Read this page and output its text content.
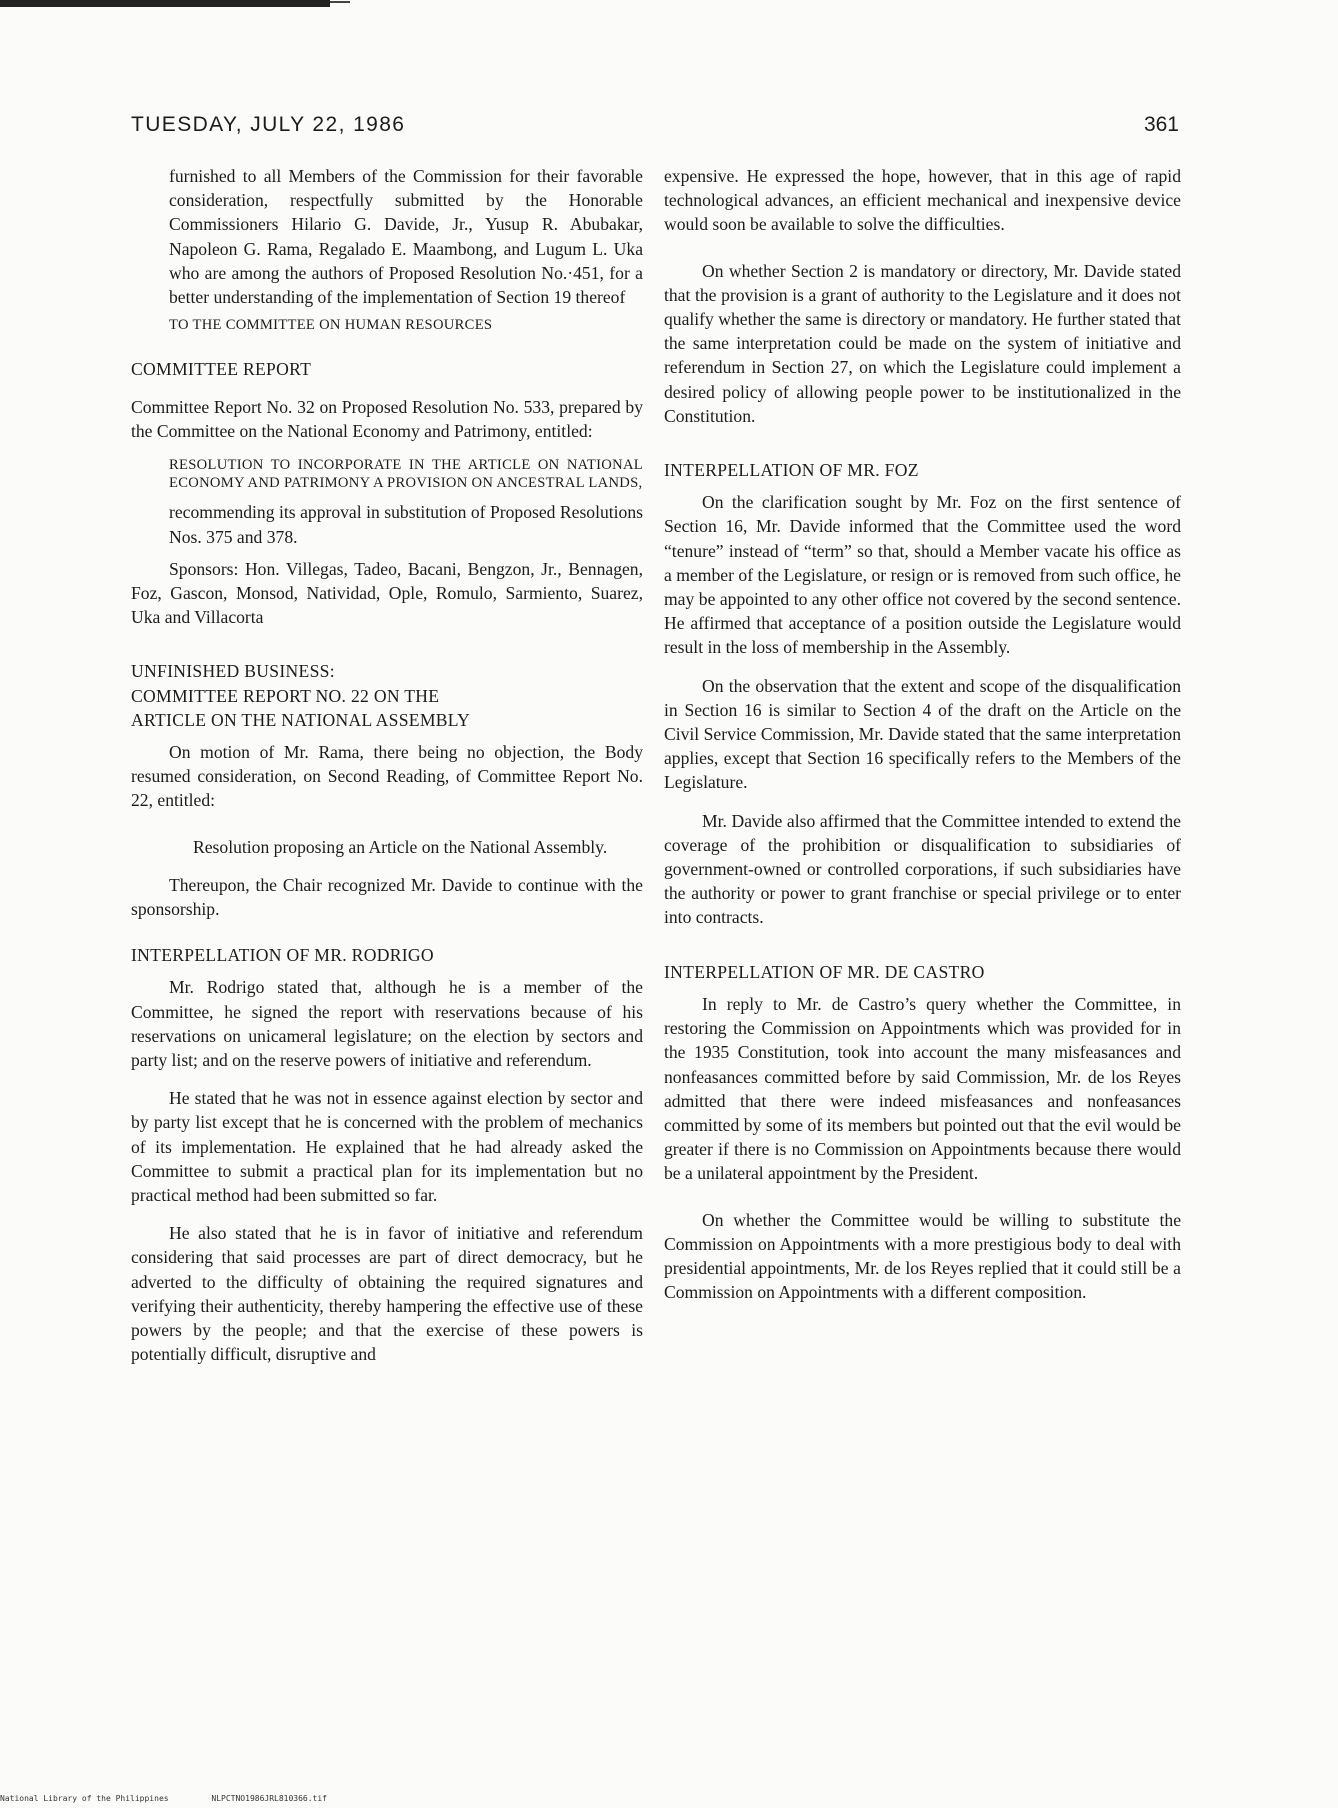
TUESDAY, JULY 22, 1986	361

furnished to all Members of the Commission for their favorable consideration, respectfully submitted by the Honorable Commissioners Hilario G. Davide, Jr., Yusup R. Abubakar, Napoleon G. Rama, Regalado E. Maambong, and Lugum L. Uka who are among the authors of Proposed Resolution No.·451, for a better understanding of the implementation of Section 19 thereof

TO THE COMMITTEE ON HUMAN RESOURCES

COMMITTEE REPORT

Committee Report No. 32 on Proposed Resolution No. 533, prepared by the Committee on the National Economy and Patrimony, entitled:

RESOLUTION TO INCORPORATE IN THE ARTICLE ON NATIONAL ECONOMY AND PATRIMONY A PROVISION ON ANCESTRAL LANDS,

recommending its approval in substitution of Proposed Resolutions Nos. 375 and 378.

Sponsors: Hon. Villegas, Tadeo, Bacani, Bengzon, Jr., Bennagen, Foz, Gascon, Monsod, Natividad, Ople, Romulo, Sarmiento, Suarez, Uka and Villacorta

UNFINISHED BUSINESS:

COMMITTEE REPORT NO. 22 ON THE

ARTICLE ON THE NATIONAL ASSEMBLY

On motion of Mr. Rama, there being no objection, the Body resumed consideration, on Second Reading, of Committee Report No. 22, entitled:

Resolution proposing an Article on the National Assembly.

Thereupon, the Chair recognized Mr. Davide to continue with the sponsorship.

INTERPELLATION OF MR. RODRIGO

Mr. Rodrigo stated that, although he is a member of the Committee, he signed the report with reservations because of his reservations on unicameral legislature; on the election by sectors and party list; and on the reserve powers of initiative and referendum.

He stated that he was not in essence against election by sector and by party list except that he is concerned with the problem of mechanics of its implementation. He explained that he had already asked the Committee to submit a practical plan for its implementation but no practical method had been submitted so far.

He also stated that he is in favor of initiative and referendum considering that said processes are part of direct democracy, but he adverted to the difficulty of obtaining the required signatures and verifying their authenticity, thereby hampering the effective use of these powers by the people; and that the exercise of these powers is potentially difficult, disruptive and

expensive. He expressed the hope, however, that in this age of rapid technological advances, an efficient mechanical and inexpensive device would soon be available to solve the difficulties.

On whether Section 2 is mandatory or directory, Mr. Davide stated that the provision is a grant of authority to the Legislature and it does not qualify whether the same is directory or mandatory. He further stated that the same interpretation could be made on the system of initiative and referendum in Section 27, on which the Legislature could implement a desired policy of allowing people power to be institutionalized in the Constitution.

INTERPELLATION OF MR. FOZ

On the clarification sought by Mr. Foz on the first sentence of Section 16, Mr. Davide informed that the Committee used the word “tenure” instead of “term” so that, should a Member vacate his office as a member of the Legislature, or resign or is removed from such office, he may be appointed to any other office not covered by the second sentence. He affirmed that acceptance of a position outside the Legislature would result in the loss of membership in the Assembly.

On the observation that the extent and scope of the disqualification in Section 16 is similar to Section 4 of the draft on the Article on the Civil Service Commission, Mr. Davide stated that the same interpretation applies, except that Section 16 specifically refers to the Members of the Legislature.

Mr. Davide also affirmed that the Committee intended to extend the coverage of the prohibition or disqualification to subsidiaries of government-owned or controlled corporations, if such subsidiaries have the authority or power to grant franchise or special privilege or to enter into contracts.

INTERPELLATION OF MR. DE CASTRO

In reply to Mr. de Castro’s query whether the Committee, in restoring the Commission on Appointments which was provided for in the 1935 Constitution, took into account the many misfeasances and nonfeasances committed before by said Commission, Mr. de los Reyes admitted that there were indeed misfeasances and nonfeasances committed by some of its members but pointed out that the evil would be greater if there is no Commission on Appointments because there would be a unilateral appointment by the President.

On whether the Committee would be willing to substitute the Commission on Appointments with a more prestigious body to deal with presidential appointments, Mr. de los Reyes replied that it could still be a Commission on Appointments with a different composition.

National Library of the Philippines	NLPCTNO1986JRL810366.tif
